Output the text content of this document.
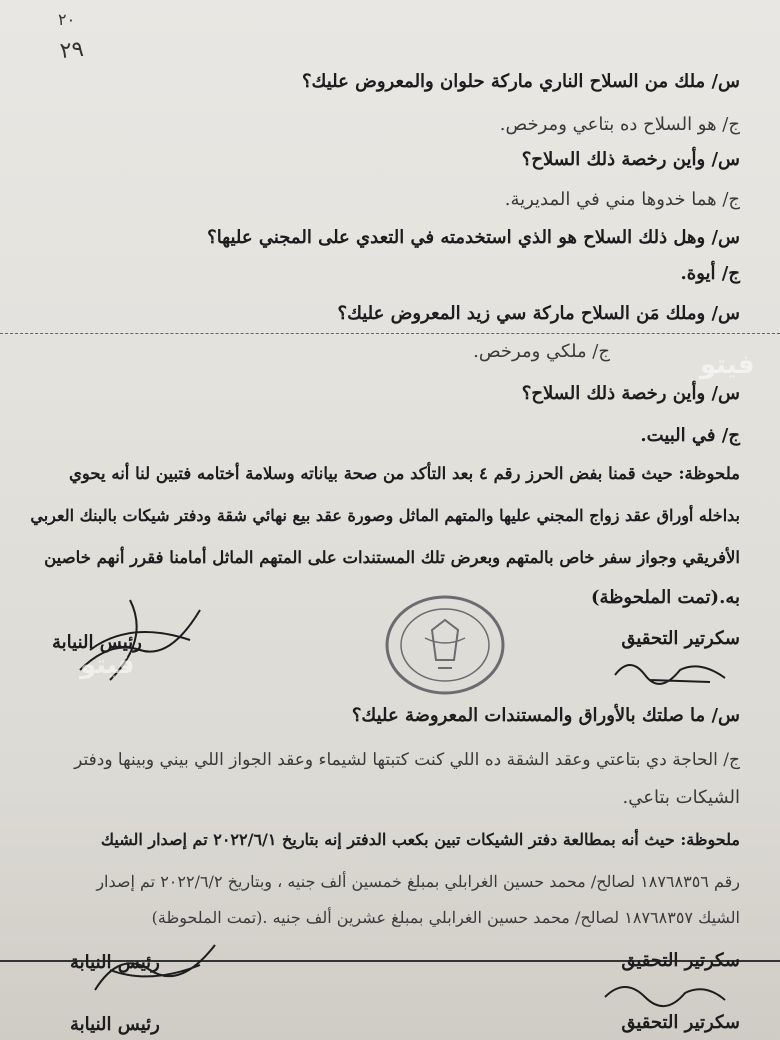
٢٠
٢٩
س/ ملك من السلاح الناري ماركة حلوان والمعروض عليك؟
ج/ هو السلاح ده بتاعي ومرخص.
س/ وأين رخصة ذلك السلاح؟
ج/ هما خدوها مني في المديرية.
س/ وهل ذلك السلاح هو الذي استخدمته في التعدي على المجني عليها؟
ج/ أيوة.
س/ وملك مَن السلاح ماركة سي زيد المعروض عليك؟
ج/ ملكي ومرخص.
س/ وأين رخصة ذلك السلاح؟
ج/ في البيت.
ملحوظة: حيث قمنا بفض الحرز رقم ٤ بعد التأكد من صحة بياناته وسلامة أختامه فتبين لنا أنه يحوي
بداخله أوراق عقد زواج المجني عليها والمتهم الماثل وصورة عقد بيع نهائي شقة ودفتر شيكات بالبنك العربي
الأفريقي وجواز سفر خاص بالمتهم وبعرض تلك المستندات على المتهم الماثل أمامنا فقرر أنهم خاصين
به.(تمت الملحوظة)
سكرتير التحقيق
رئيس النيابة
س/ ما صلتك بالأوراق والمستندات المعروضة عليك؟
ج/ الحاجة دي بتاعتي وعقد الشقة ده اللي كنت كتبتها لشيماء وعقد الجواز اللي بيني وبينها ودفتر
الشيكات بتاعي.
ملحوظة: حيث أنه بمطالعة دفتر الشيكات تبين بكعب الدفتر إنه بتاريخ ٢٠٢٢/٦/١ تم إصدار الشيك
رقم ١٨٧٦٨٣٥٦ لصالح/ محمد حسين الغرابلي بمبلغ خمسين ألف جنيه ، وبتاريخ ٢٠٢٢/٦/٢ تم إصدار
الشيك ١٨٧٦٨٣٥٧ لصالح/ محمد حسين الغرابلي بمبلغ عشرين ألف جنيه .(تمت الملحوظة)
سكرتير التحقيق
رئيس النيابة
سكرتير التحقيق
رئيس النيابة
فيتو
فيتو
